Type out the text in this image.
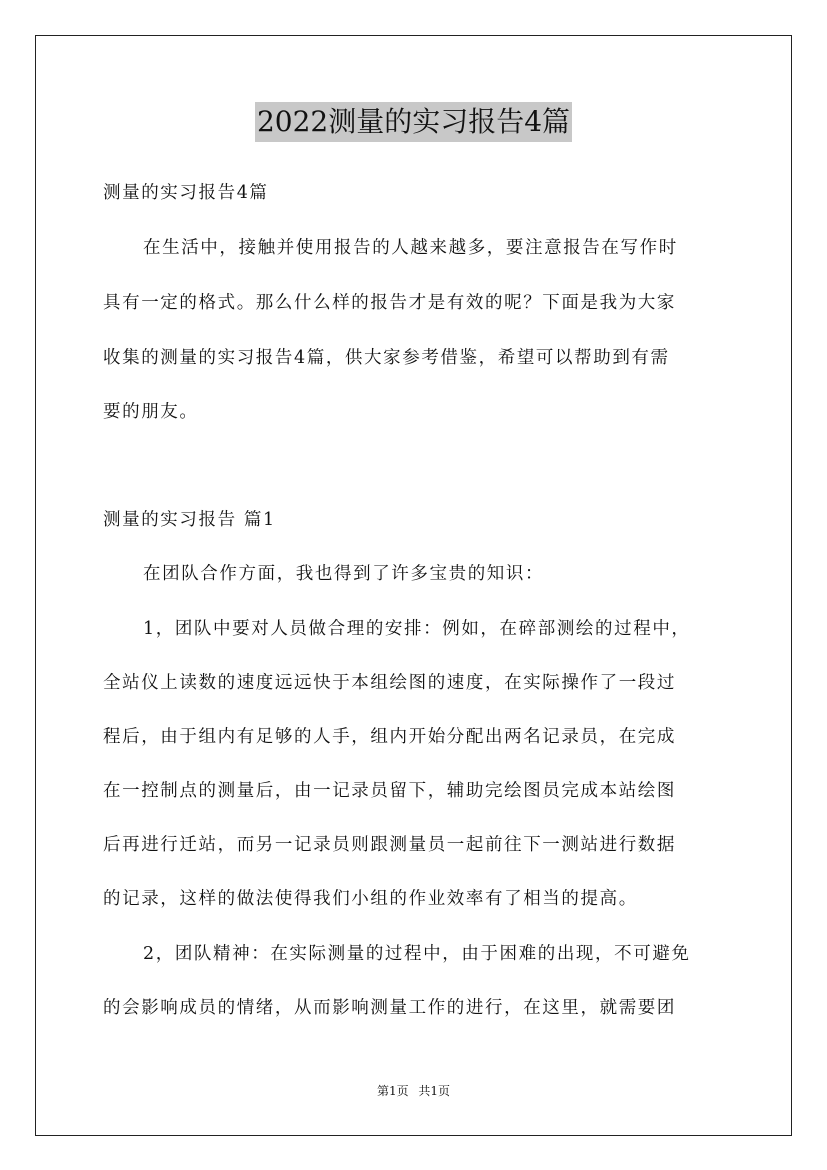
2022测量的实习报告4篇
测量的实习报告4篇
在生活中，接触并使用报告的人越来越多，要注意报告在写作时
具有一定的格式。那么什么样的报告才是有效的呢？下面是我为大家
收集的测量的实习报告4篇，供大家参考借鉴，希望可以帮助到有需
要的朋友。
测量的实习报告 篇1
在团队合作方面，我也得到了许多宝贵的知识：
1，团队中要对人员做合理的安排：例如，在碎部测绘的过程中，
全站仪上读数的速度远远快于本组绘图的速度，在实际操作了一段过
程后，由于组内有足够的人手，组内开始分配出两名记录员，在完成
在一控制点的测量后，由一记录员留下，辅助完绘图员完成本站绘图
后再进行迁站，而另一记录员则跟测量员一起前往下一测站进行数据
的记录，这样的做法使得我们小组的作业效率有了相当的提高。
2，团队精神：在实际测量的过程中，由于困难的出现，不可避免
的会影响成员的情绪，从而影响测量工作的进行，在这里，就需要团
第1页 共1页
